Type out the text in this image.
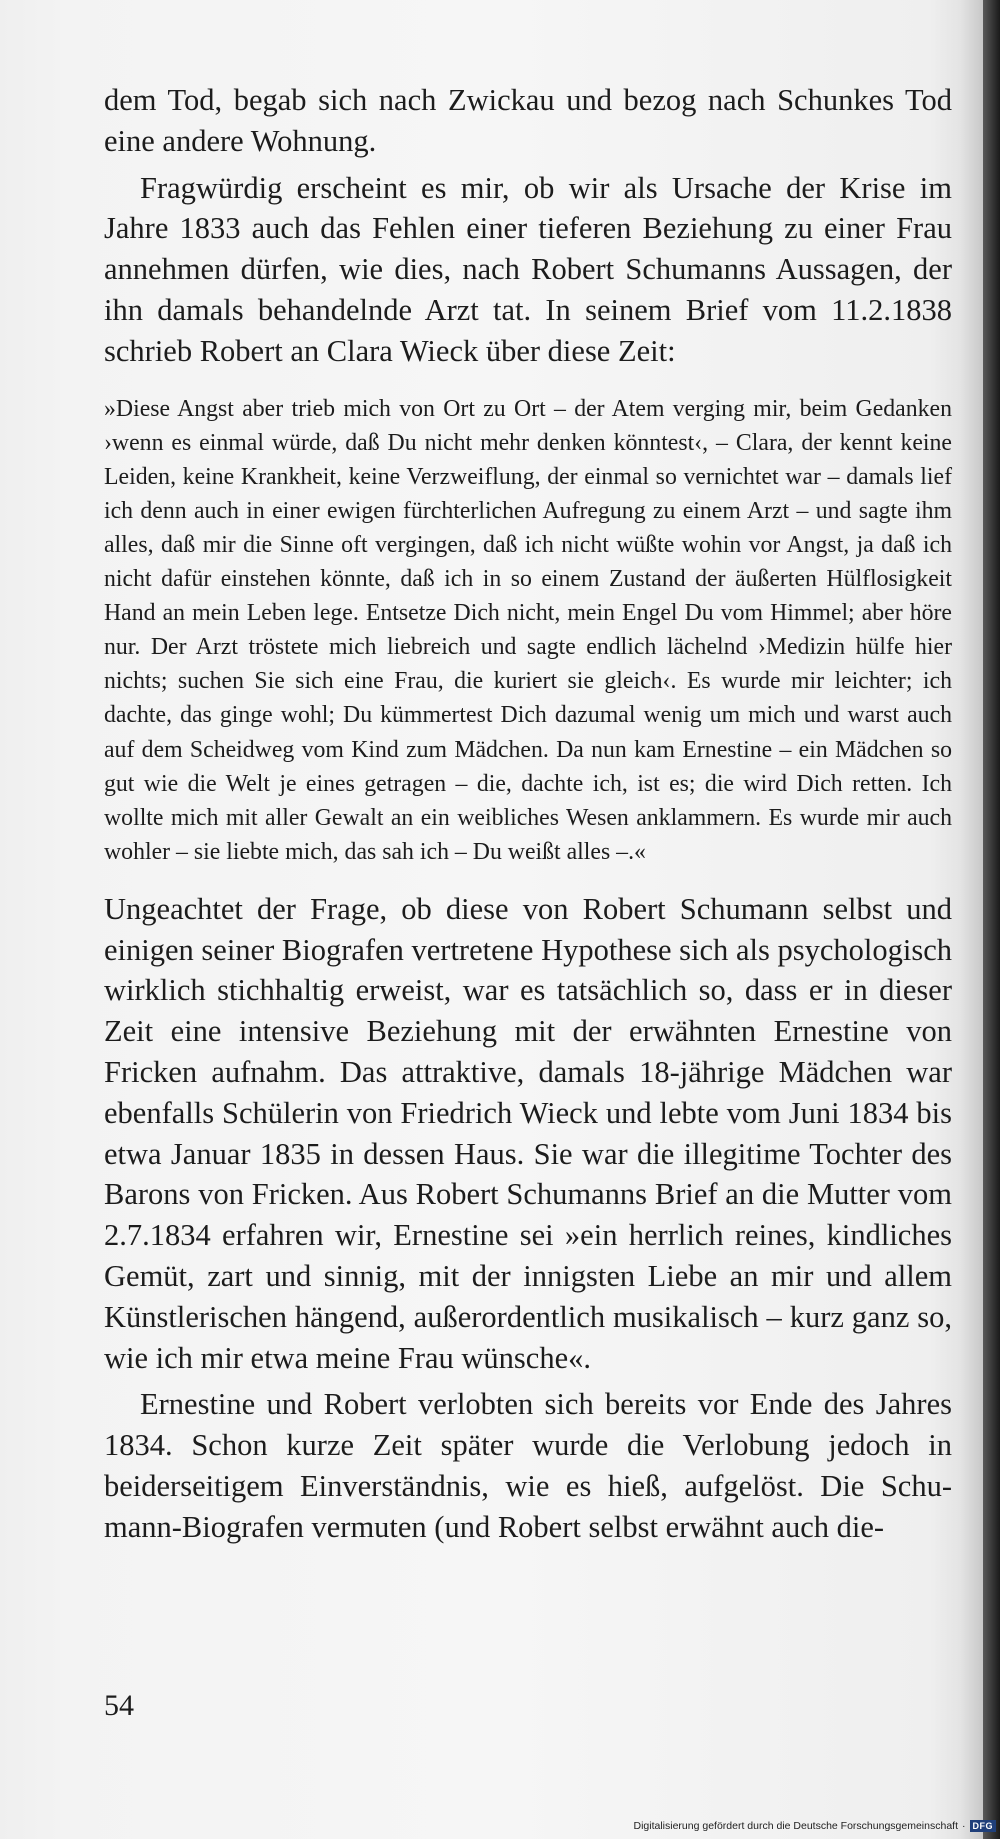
dem Tod, begab sich nach Zwickau und bezog nach Schunkes Tod eine andere Wohnung.

Fragwürdig erscheint es mir, ob wir als Ursache der Krise im Jahre 1833 auch das Fehlen einer tieferen Beziehung zu einer Frau annehmen dürfen, wie dies, nach Robert Schumanns Aussagen, der ihn damals behandelnde Arzt tat. In seinem Brief vom 11.2.1838 schrieb Robert an Clara Wieck über diese Zeit:

»Diese Angst aber trieb mich von Ort zu Ort – der Atem verging mir, beim Gedanken ›wenn es einmal würde, daß Du nicht mehr denken könntest‹, – Clara, der kennt keine Leiden, keine Krankheit, keine Verzweiflung, der einmal so vernichtet war – damals lief ich denn auch in einer ewigen fürchterlichen Aufregung zu einem Arzt – und sagte ihm alles, daß mir die Sinne oft vergingen, daß ich nicht wüßte wohin vor Angst, ja daß ich nicht dafür einstehen könnte, daß ich in so einem Zustand der äußerten Hülflosigkeit Hand an mein Leben lege. Entsetze Dich nicht, mein Engel Du vom Himmel; aber höre nur. Der Arzt tröstete mich liebreich und sagte endlich lächelnd ›Medizin hülfe hier nichts; suchen Sie sich eine Frau, die kuriert sie gleich‹. Es wurde mir leichter; ich dachte, das ginge wohl; Du kümmertest Dich dazumal wenig um mich und warst auch auf dem Scheidweg vom Kind zum Mädchen. Da nun kam Ernestine – ein Mädchen so gut wie die Welt je eines getragen – die, dachte ich, ist es; die wird Dich retten. Ich wollte mich mit aller Gewalt an ein weibliches Wesen anklammern. Es wurde mir auch wohler – sie liebte mich, das sah ich – Du weißt alles –.«

Ungeachtet der Frage, ob diese von Robert Schumann selbst und einigen seiner Biografen vertretene Hypothese sich als psychologisch wirklich stichhaltig erweist, war es tatsächlich so, dass er in dieser Zeit eine intensive Beziehung mit der erwähnten Ernestine von Fricken aufnahm. Das attraktive, damals 18-jährige Mädchen war ebenfalls Schülerin von Friedrich Wieck und lebte vom Juni 1834 bis etwa Januar 1835 in dessen Haus. Sie war die illegitime Tochter des Barons von Fricken. Aus Robert Schumanns Brief an die Mutter vom 2.7.1834 erfahren wir, Ernestine sei »ein herrlich reines, kindliches Gemüt, zart und sinnig, mit der innigsten Liebe an mir und allem Künstlerischen hängend, außerordentlich musikalisch – kurz ganz so, wie ich mir etwa meine Frau wünsche«.

Ernestine und Robert verlobten sich bereits vor Ende des Jahres 1834. Schon kurze Zeit später wurde die Verlobung jedoch in beiderseitigem Einverständnis, wie es hieß, aufgelöst. Die Schumann-Biografen vermuten (und Robert selbst erwähnt auch die-

54
Digitalisierung gefördert durch die Deutsche Forschungsgemeinschaft · DFG
